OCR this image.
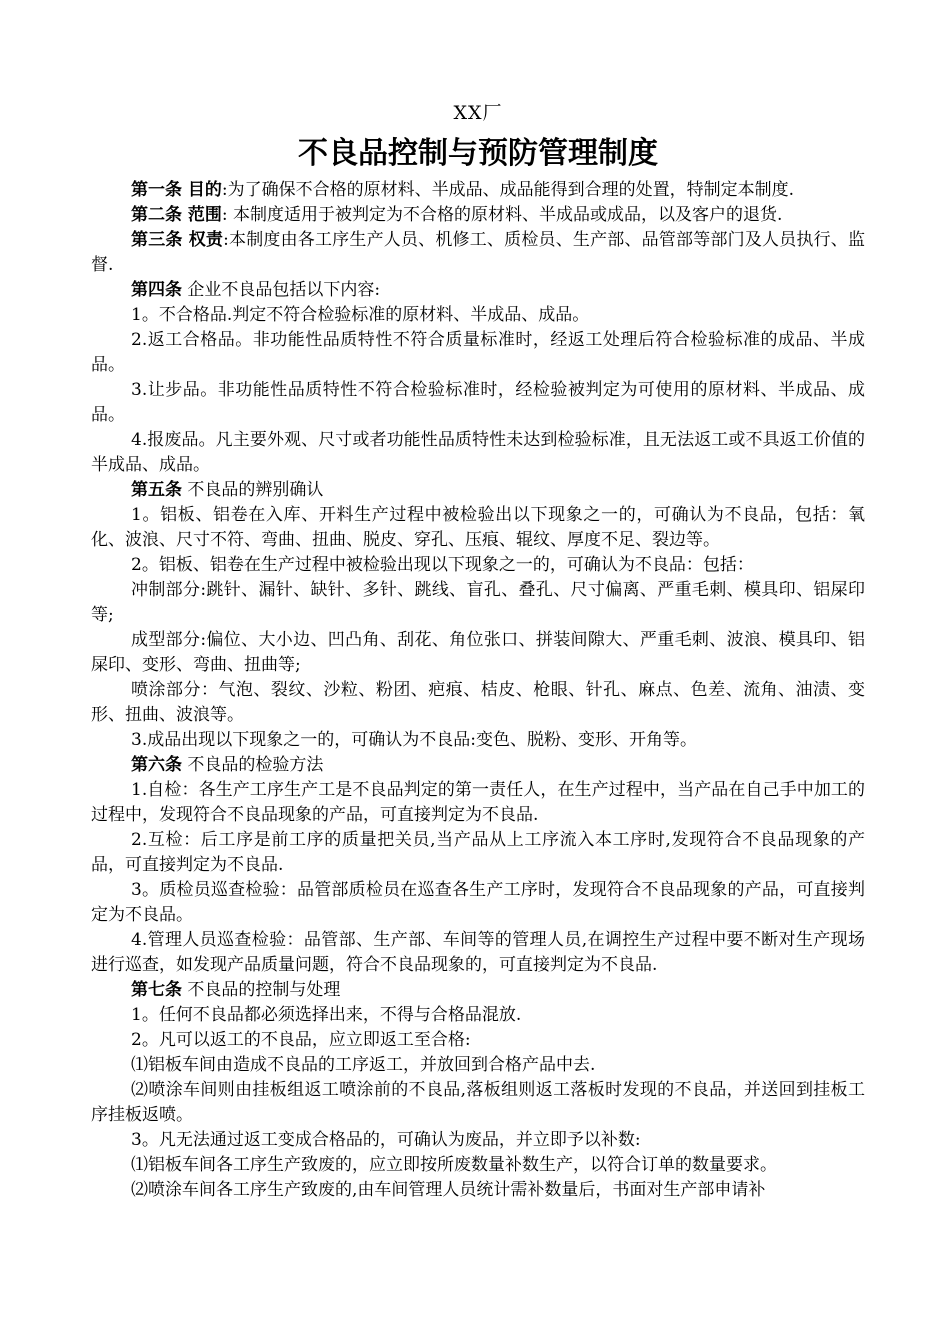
XX厂
不良品控制与预防管理制度

第一条 目的:为了确保不合格的原材料、半成品、成品能得到合理的处置，特制定本制度.

第二条 范围: 本制度适用于被判定为不合格的原材料、半成品或成品，以及客户的退货.

第三条 权责:本制度由各工序生产人员、机修工、质检员、生产部、品管部等部门及人员执行、监督.

第四条 企业不良品包括以下内容:

1。不合格品.判定不符合检验标准的原材料、半成品、成品。

2.返工合格品。非功能性品质特性不符合质量标准时，经返工处理后符合检验标准的成品、半成品。

3.让步品。非功能性品质特性不符合检验标准时，经检验被判定为可使用的原材料、半成品、成品。

4.报废品。凡主要外观、尺寸或者功能性品质特性未达到检验标准，且无法返工或不具返工价值的半成品、成品。

第五条 不良品的辨别确认

1。铝板、铝卷在入库、开料生产过程中被检验出以下现象之一的，可确认为不良品，包括：氧化、波浪、尺寸不符、弯曲、扭曲、脱皮、穿孔、压痕、辊纹、厚度不足、裂边等。

2。铝板、铝卷在生产过程中被检验出现以下现象之一的，可确认为不良品：包括：

冲制部分:跳针、漏针、缺针、多针、跳线、盲孔、叠孔、尺寸偏离、严重毛刺、模具印、铝屎印等;

成型部分:偏位、大小边、凹凸角、刮花、角位张口、拼装间隙大、严重毛刺、波浪、模具印、铝屎印、变形、弯曲、扭曲等;

喷涂部分：气泡、裂纹、沙粒、粉团、疤痕、桔皮、枪眼、针孔、麻点、色差、流角、油渍、变形、扭曲、波浪等。

3.成品出现以下现象之一的，可确认为不良品:变色、脱粉、变形、开角等。

第六条 不良品的检验方法

1.自检：各生产工序生产工是不良品判定的第一责任人，在生产过程中，当产品在自己手中加工的过程中，发现符合不良品现象的产品，可直接判定为不良品.

2.互检：后工序是前工序的质量把关员,当产品从上工序流入本工序时,发现符合不良品现象的产品，可直接判定为不良品.

3。质检员巡查检验：品管部质检员在巡查各生产工序时，发现符合不良品现象的产品，可直接判定为不良品。

4.管理人员巡查检验：品管部、生产部、车间等的管理人员,在调控生产过程中要不断对生产现场进行巡查，如发现产品质量问题，符合不良品现象的，可直接判定为不良品.

第七条 不良品的控制与处理

1。任何不良品都必须选择出来，不得与合格品混放.

2。凡可以返工的不良品，应立即返工至合格:

⑴铝板车间由造成不良品的工序返工，并放回到合格产品中去.

⑵喷涂车间则由挂板组返工喷涂前的不良品,落板组则返工落板时发现的不良品，并送回到挂板工序挂板返喷。

3。凡无法通过返工变成合格品的，可确认为废品，并立即予以补数:

⑴铝板车间各工序生产致废的，应立即按所废数量补数生产，以符合订单的数量要求。

⑵喷涂车间各工序生产致废的,由车间管理人员统计需补数量后，书面对生产部申请补
